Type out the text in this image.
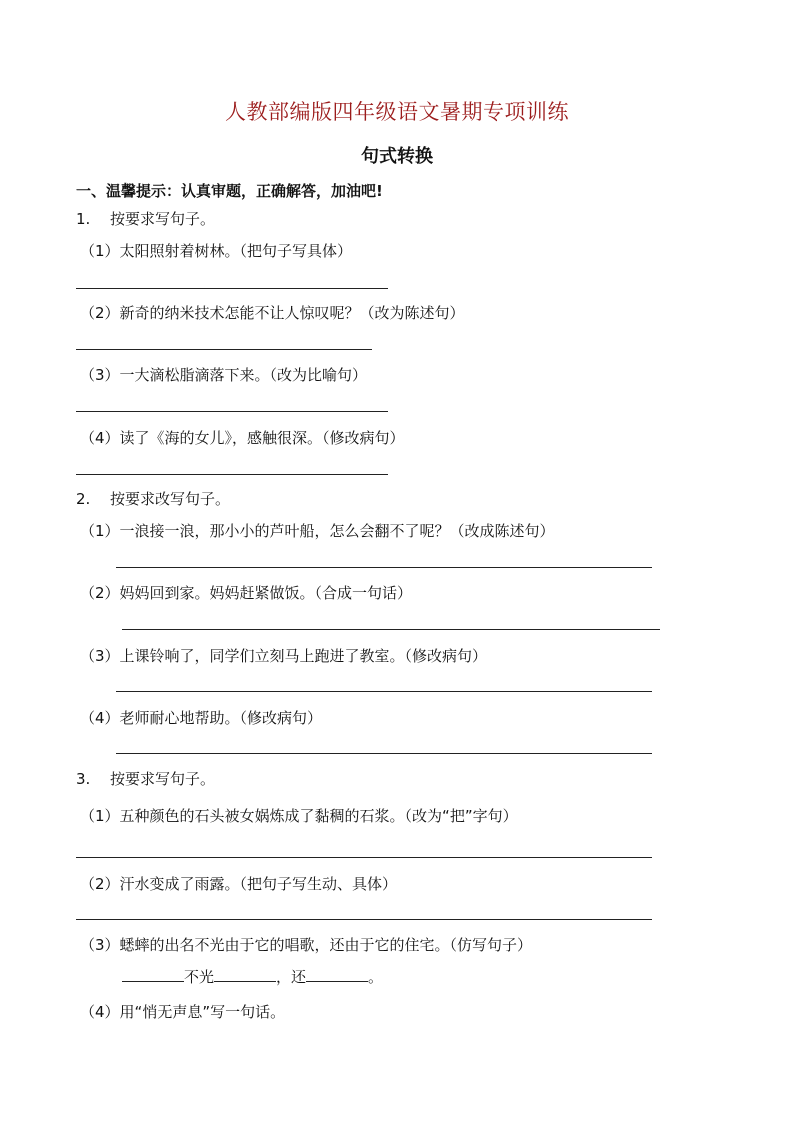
人教部编版四年级语文暑期专项训练
句式转换
一、温馨提示：认真审题，正确解答，加油吧!
1. 按要求写句子。
（1）太阳照射着树林。（把句子写具体）
（2）新奇的纳米技术怎能不让人惊叹呢？（改为陈述句）
（3）一大滴松脂滴落下来。（改为比喻句）
（4）读了《海的女儿》，感触很深。（修改病句）
2. 按要求改写句子。
（1）一浪接一浪，那小小的芦叶船，怎么会翻不了呢？（改成陈述句）
（2）妈妈回到家。妈妈赶紧做饭。（合成一句话）
（3）上课铃响了，同学们立刻马上跑进了教室。（修改病句）
（4）老师耐心地帮助。（修改病句）
3. 按要求写句子。
（1）五种颜色的石头被女娲炼成了黏稠的石浆。（改为“把”字句）
（2）汗水变成了雨露。（把句子写生动、具体）
（3）蟋蟀的出名不光由于它的唱歌，还由于它的住宅。（仿写句子）
不光	，还	。
（4）用“悄无声息”写一句话。
